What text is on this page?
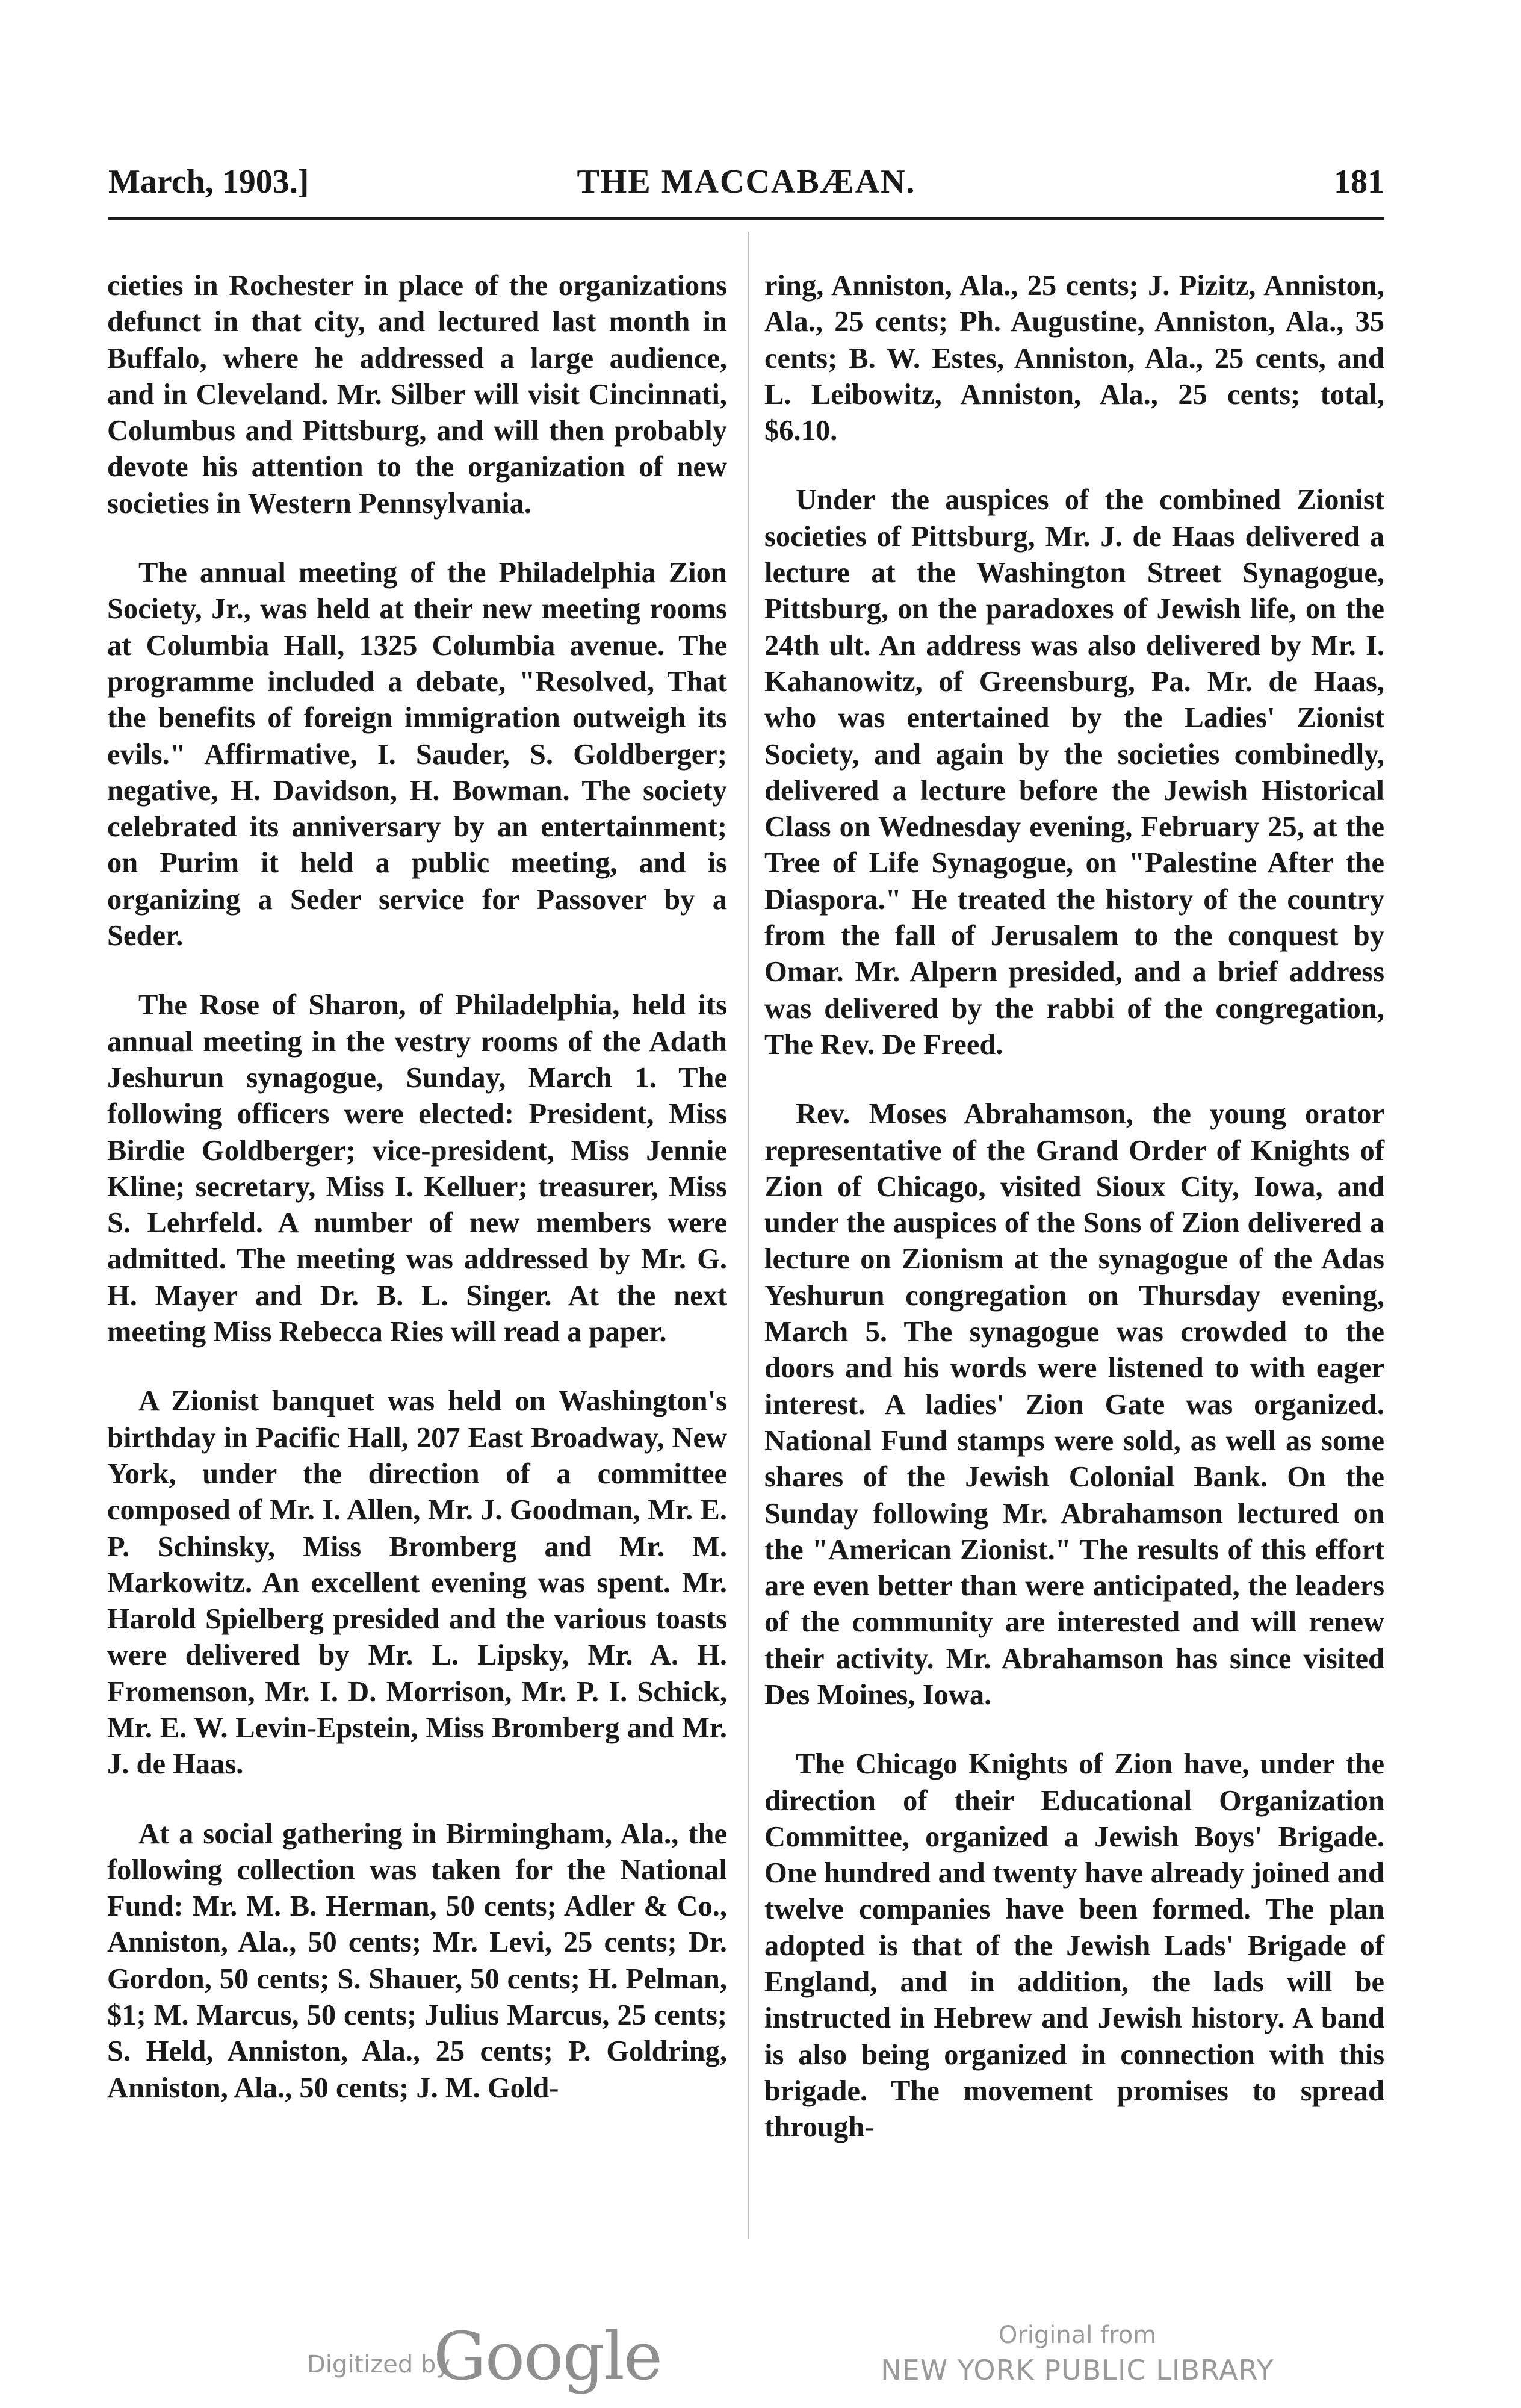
March, 1903.]	THE MACCABÆAN.	181

cieties in Rochester in place of the organizations defunct in that city, and lectured last month in Buffalo, where he addressed a large audience, and in Cleveland. Mr. Silber will visit Cincinnati, Columbus and Pittsburg, and will then probably devote his attention to the organization of new societies in Western Pennsylvania.

The annual meeting of the Philadelphia Zion Society, Jr., was held at their new meeting rooms at Columbia Hall, 1325 Columbia avenue. The programme included a debate, "Resolved, That the benefits of foreign immigration outweigh its evils." Affirmative, I. Sauder, S. Goldberger; negative, H. Davidson, H. Bowman. The society celebrated its anniversary by an entertainment; on Purim it held a public meeting, and is organizing a Seder service for Passover by a Seder.

The Rose of Sharon, of Philadelphia, held its annual meeting in the vestry rooms of the Adath Jeshurun synagogue, Sunday, March 1. The following officers were elected: President, Miss Birdie Goldberger; vice-president, Miss Jennie Kline; secretary, Miss I. Kelluer; treasurer, Miss S. Lehrfeld. A number of new members were admitted. The meeting was addressed by Mr. G. H. Mayer and Dr. B. L. Singer. At the next meeting Miss Rebecca Ries will read a paper.

A Zionist banquet was held on Washington's birthday in Pacific Hall, 207 East Broadway, New York, under the direction of a committee composed of Mr. I. Allen, Mr. J. Goodman, Mr. E. P. Schinsky, Miss Bromberg and Mr. M. Markowitz. An excellent evening was spent. Mr. Harold Spielberg presided and the various toasts were delivered by Mr. L. Lipsky, Mr. A. H. Fromenson, Mr. I. D. Morrison, Mr. P. I. Schick, Mr. E. W. Levin-Epstein, Miss Bromberg and Mr. J. de Haas.

At a social gathering in Birmingham, Ala., the following collection was taken for the National Fund: Mr. M. B. Herman, 50 cents; Adler & Co., Anniston, Ala., 50 cents; Mr. Levi, 25 cents; Dr. Gordon, 50 cents; S. Shauer, 50 cents; H. Pelman, $1; M. Marcus, 50 cents; Julius Marcus, 25 cents; S. Held, Anniston, Ala., 25 cents; P. Goldring, Anniston, Ala., 50 cents; J. M. Gold-

ring, Anniston, Ala., 25 cents; J. Pizitz, Anniston, Ala., 25 cents; Ph. Augustine, Anniston, Ala., 35 cents; B. W. Estes, Anniston, Ala., 25 cents, and L. Leibowitz, Anniston, Ala., 25 cents; total, $6.10.

Under the auspices of the combined Zionist societies of Pittsburg, Mr. J. de Haas delivered a lecture at the Washington Street Synagogue, Pittsburg, on the paradoxes of Jewish life, on the 24th ult. An address was also delivered by Mr. I. Kahanowitz, of Greensburg, Pa. Mr. de Haas, who was entertained by the Ladies' Zionist Society, and again by the societies combinedly, delivered a lecture before the Jewish Historical Class on Wednesday evening, February 25, at the Tree of Life Synagogue, on "Palestine After the Diaspora." He treated the history of the country from the fall of Jerusalem to the conquest by Omar. Mr. Alpern presided, and a brief address was delivered by the rabbi of the congregation, The Rev. De Freed.

Rev. Moses Abrahamson, the young orator representative of the Grand Order of Knights of Zion of Chicago, visited Sioux City, Iowa, and under the auspices of the Sons of Zion delivered a lecture on Zionism at the synagogue of the Adas Yeshurun congregation on Thursday evening, March 5. The synagogue was crowded to the doors and his words were listened to with eager interest. A ladies' Zion Gate was organized. National Fund stamps were sold, as well as some shares of the Jewish Colonial Bank. On the Sunday following Mr. Abrahamson lectured on the "American Zionist." The results of this effort are even better than were anticipated, the leaders of the community are interested and will renew their activity. Mr. Abrahamson has since visited Des Moines, Iowa.

The Chicago Knights of Zion have, under the direction of their Educational Organization Committee, organized a Jewish Boys' Brigade. One hundred and twenty have already joined and twelve companies have been formed. The plan adopted is that of the Jewish Lads' Brigade of England, and in addition, the lads will be instructed in Hebrew and Jewish history. A band is also being organized in connection with this brigade. The movement promises to spread through-

Digitized by
Google	Original from
NEW YORK PUBLIC LIBRARY
